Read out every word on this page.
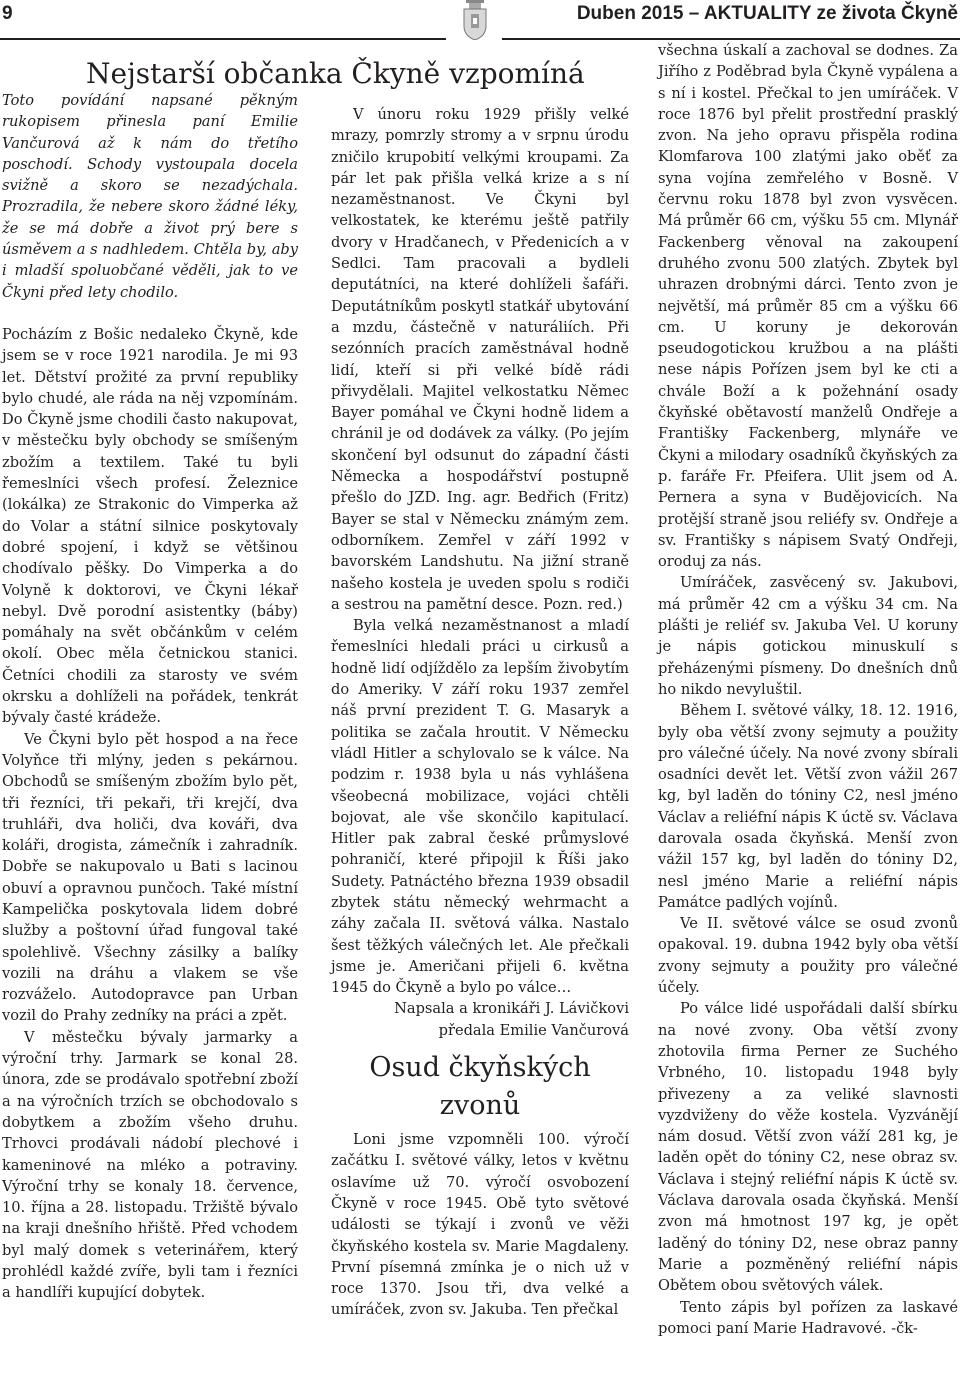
9	Duben 2015 – AKTUALITY ze života Čkyně
Nejstarší občanka Čkyně vzpomíná

Toto povídání napsané pěkným rukopisem přinesla paní Emilie Vančurová až k nám do třetího poschodí. Schody vystoupala docela svižně a skoro se nezadýchala. Prozradila, že nebere skoro žádné léky, že se má dobře a život prý bere s úsměvem a s nadhledem. Chtěla by, aby i mladší spoluobčané věděli, jak to ve Čkyni před lety chodilo.

Pocházím z Bošic nedaleko Čkyně, kde jsem se v roce 1921 narodila. Je mi 93 let. Dětství prožité za první republiky bylo chudé, ale ráda na něj vzpomínám. Do Čkyně jsme chodili často nakupovat, v městečku byly obchody se smíšeným zbožím a textilem. Také tu byli řemeslníci všech profesí. Železnice (lokálka) ze Strakonic do Vimperka až do Volar a státní silnice poskytovaly dobré spojení, i když se většinou chodívalo pěšky. Do Vimperka a do Volyně k doktorovi, ve Čkyni lékař nebyl. Dvě porodní asistentky (báby) pomáhaly na svět občánkům v celém okolí. Obec měla četnickou stanici. Četníci chodili za starosty ve svém okrsku a dohlíželi na pořádek, tenkrát bývaly časté krádeže.

Ve Čkyni bylo pět hospod a na řece Volyňce tři mlýny, jeden s pekárnou. Obchodů se smíšeným zbožím bylo pět, tři řezníci, tři pekaři, tři krejčí, dva truhláři, dva holiči, dva kováři, dva koláři, drogista, zámečník i zahradník. Dobře se nakupovalo u Bati s lacinou obuví a opravnou punčoch. Také místní Kampelička poskytovala lidem dobré služby a poštovní úřad fungoval také spolehlivě. Všechny zásilky a balíky vozili na dráhu a vlakem se vše rozváželo. Autodopravce pan Urban vozil do Prahy zedníky na práci a zpět.

V městečku bývaly jarmarky a výroční trhy. Jarmark se konal 28. února, zde se prodávalo spotřební zboží a na výročních trzích se obchodovalo s dobytkem a zbožím všeho druhu. Trhovci prodávali nádobí plechové i kameninové na mléko a potraviny. Výroční trhy se konaly 18. července, 10. října a 28. listopadu. Tržiště bývalo na kraji dnešního hřiště. Před vchodem byl malý domek s veterinářem, který prohlédl každé zvíře, byli tam i řezníci a handlíři kupující dobytek.

V únoru roku 1929 přišly velké mrazy, pomrzly stromy a v srpnu úrodu zničilo krupobití velkými kroupami. Za pár let pak přišla velká krize a s ní nezaměstnanost. Ve Čkyni byl velkostatek, ke kterému ještě patřily dvory v Hradčanech, v Předenicích a v Sedlci. Tam pracovali a bydleli deputátníci, na které dohlíželi šafáři. Deputátníkům poskytl statkář ubytování a mzdu, částečně v naturáliích. Při sezónních pracích zaměstnával hodně lidí, kteří si při velké bídě rádi přivydělali. Majitel velkostatku Němec Bayer pomáhal ve Čkyni hodně lidem a chránil je od dodávek za války. (Po jejím skončení byl odsunut do západní části Německa a hospodářství postupně přešlo do JZD. Ing. agr. Bedřich (Fritz) Bayer se stal v Německu známým zem. odborníkem. Zemřel v září 1992 v bavorském Landshutu. Na jižní straně našeho kostela je uveden spolu s rodiči a sestrou na pamětní desce. Pozn. red.)

Byla velká nezaměstnanost a mladí řemeslníci hledali práci u cirkusů a hodně lidí odjíždělo za lepším živobytím do Ameriky. V září roku 1937 zemřel náš první prezident T. G. Masaryk a politika se začala hroutit. V Německu vládl Hitler a schylovalo se k válce. Na podzim r. 1938 byla u nás vyhlášena všeobecná mobilizace, vojáci chtěli bojovat, ale vše skončilo kapitulací. Hitler pak zabral české průmyslové pohraničí, které připojil k Říši jako Sudety. Patnáctého března 1939 obsadil zbytek státu německý wehrmacht a záhy začala II. světová válka. Nastalo šest těžkých válečných let. Ale přečkali jsme je. Američani přijeli 6. května 1945 do Čkyně a bylo po válce…

Napsala a kronikáři J. Lávičkovi

předala Emilie Vančurová

Osud čkyňských zvonů

Loni jsme vzpomněli 100. výročí začátku I. světové války, letos v květnu oslavíme už 70. výročí osvobození Čkyně v roce 1945. Obě tyto světové události se týkají i zvonů ve věži čkyňského kostela sv. Marie Magdaleny. První písemná zmínka je o nich už v roce 1370. Jsou tři, dva velké a umíráček, zvon sv. Jakuba. Ten přečkal

všechna úskalí a zachoval se dodnes. Za Jiřího z Poděbrad byla Čkyně vypálena a s ní i kostel. Přečkal to jen umíráček. V roce 1876 byl přelit prostřední prasklý zvon. Na jeho opravu přispěla rodina Klomfarova 100 zlatými jako oběť za syna vojína zemřelého v Bosně. V červnu roku 1878 byl zvon vysvěcen. Má průměr 66 cm, výšku 55 cm. Mlynář Fackenberg věnoval na zakoupení druhého zvonu 500 zlatých. Zbytek byl uhrazen drobnými dárci. Tento zvon je největší, má průměr 85 cm a výšku 66 cm. U koruny je dekorován pseudogotickou kružbou a na plášti nese nápis Pořízen jsem byl ke cti a chvále Boží a k požehnání osady čkyňské obětavostí manželů Ondřeje a Františky Fackenberg, mlynáře ve Čkyni a milodary osadníků čkyňských za p. faráře Fr. Pfeifera. Ulit jsem od A. Pernera a syna v Budějovicích. Na protější straně jsou reliéfy sv. Ondřeje a sv. Františky s nápisem Svatý Ondřeji, oroduj za nás.

Umíráček, zasvěcený sv. Jakubovi, má průměr 42 cm a výšku 34 cm. Na plášti je reliéf sv. Jakuba Vel. U koruny je nápis gotickou minuskulí s přeházenými písmeny. Do dnešních dnů ho nikdo nevyluštil.

Během I. světové války, 18. 12. 1916, byly oba větší zvony sejmuty a použity pro válečné účely. Na nové zvony sbírali osadníci devět let. Větší zvon vážil 267 kg, byl laděn do tóniny C2, nesl jméno Václav a reliéfní nápis K úctě sv. Václava darovala osada čkyňská. Menší zvon vážil 157 kg, byl laděn do tóniny D2, nesl jméno Marie a reliéfní nápis Památce padlých vojínů.

Ve II. světové válce se osud zvonů opakoval. 19. dubna 1942 byly oba větší zvony sejmuty a použity pro válečné účely.

Po válce lidé uspořádali další sbírku na nové zvony. Oba větší zvony zhotovila firma Perner ze Suchého Vrbného, 10. listopadu 1948 byly přivezeny a za veliké slavnosti vyzdviženy do věže kostela. Vyzvánějí nám dosud. Větší zvon váží 281 kg, je laděn opět do tóniny C2, nese obraz sv. Václava i stejný reliéfní nápis K úctě sv. Václava darovala osada čkyňská. Menší zvon má hmotnost 197 kg, je opět laděný do tóniny D2, nese obraz panny Marie a pozměněný reliéfní nápis Obětem obou světových válek.

Tento zápis byl pořízen za laskavé pomoci paní Marie Hadravové. -čk-
